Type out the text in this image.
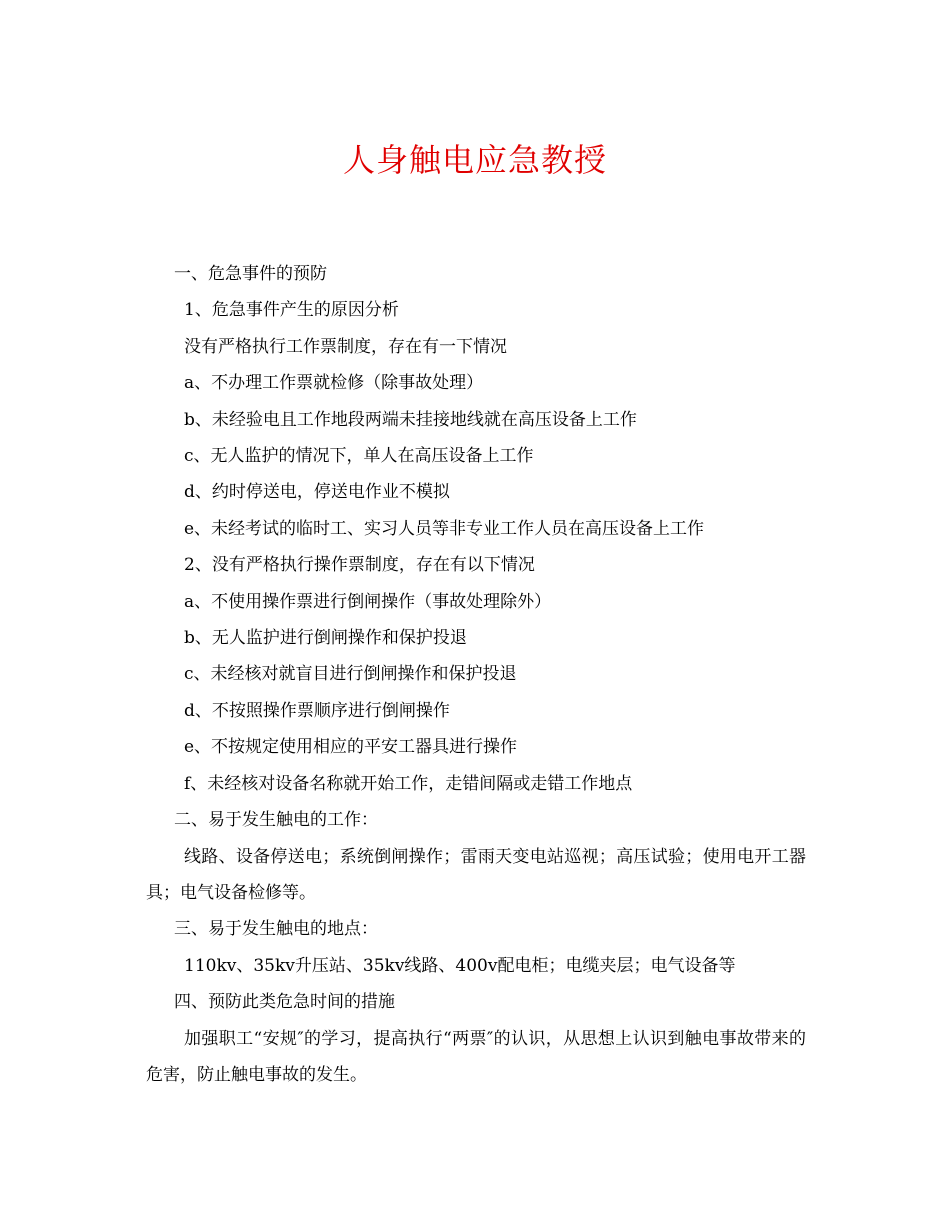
人身触电应急教授
一、危急事件的预防
1、危急事件产生的原因分析
没有严格执行工作票制度，存在有一下情况
a、不办理工作票就检修（除事故处理）
b、未经验电且工作地段两端未挂接地线就在高压设备上工作
c、无人监护的情况下，单人在高压设备上工作
d、约时停送电，停送电作业不模拟
e、未经考试的临时工、实习人员等非专业工作人员在高压设备上工作
2、没有严格执行操作票制度，存在有以下情况
a、不使用操作票进行倒闸操作（事故处理除外）
b、无人监护进行倒闸操作和保护投退
c、未经核对就盲目进行倒闸操作和保护投退
d、不按照操作票顺序进行倒闸操作
e、不按规定使用相应的平安工器具进行操作
f、未经核对设备名称就开始工作，走错间隔或走错工作地点
二、易于发生触电的工作：
线路、设备停送电；系统倒闸操作；雷雨天变电站巡视；高压试验；使用电开工器具；电气设备检修等。
三、易于发生触电的地点：
110kv、35kv升压站、35kv线路、400v配电柜；电缆夹层；电气设备等
四、预防此类危急时间的措施
加强职工“安规″的学习，提高执行“两票″的认识，从思想上认识到触电事故带来的危害，防止触电事故的发生。
